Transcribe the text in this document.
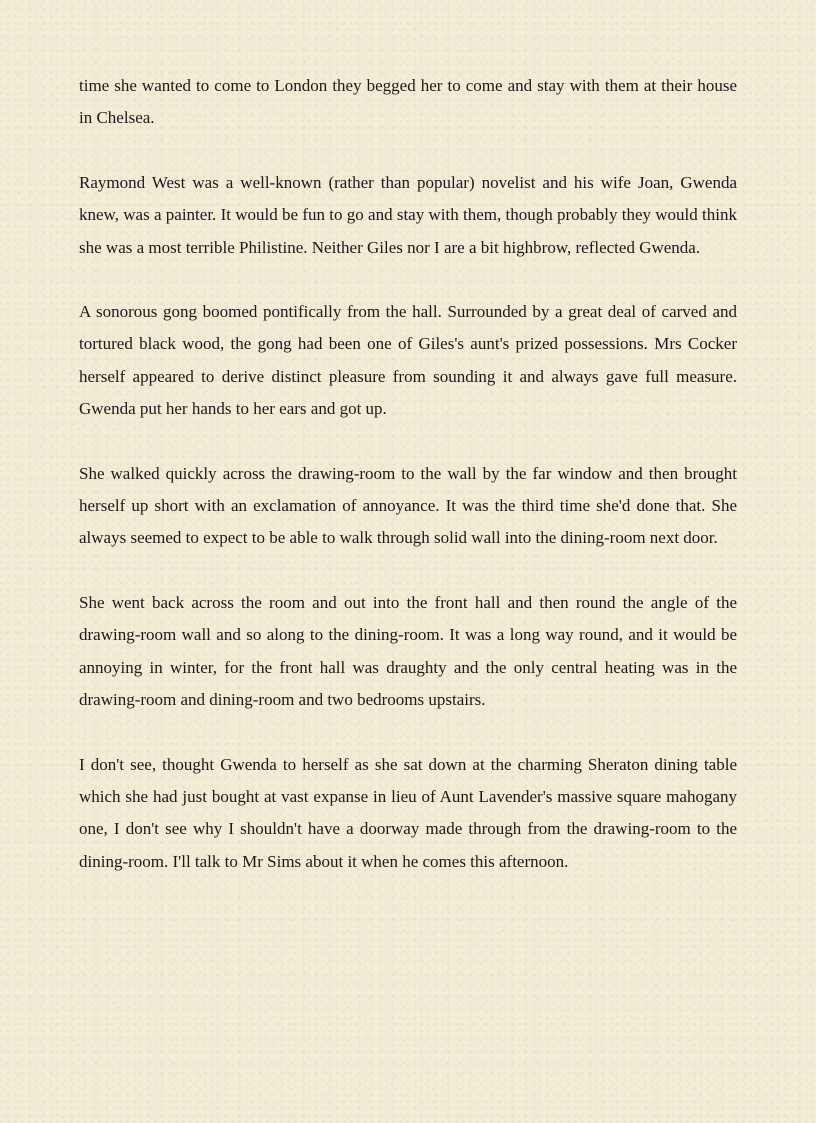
time she wanted to come to London they begged her to come and stay with them at their house in Chelsea.

Raymond West was a well-known (rather than popular) novelist and his wife Joan, Gwenda knew, was a painter. It would be fun to go and stay with them, though probably they would think she was a most terrible Philistine. Neither Giles nor I are a bit highbrow, reflected Gwenda.

A sonorous gong boomed pontifically from the hall. Surrounded by a great deal of carved and tortured black wood, the gong had been one of Giles's aunt's prized possessions. Mrs Cocker herself appeared to derive distinct pleasure from sounding it and always gave full measure. Gwenda put her hands to her ears and got up.

She walked quickly across the drawing-room to the wall by the far window and then brought herself up short with an exclamation of annoyance. It was the third time she'd done that. She always seemed to expect to be able to walk through solid wall into the dining-room next door.

She went back across the room and out into the front hall and then round the angle of the drawing-room wall and so along to the dining-room. It was a long way round, and it would be annoying in winter, for the front hall was draughty and the only central heating was in the drawing-room and dining-room and two bedrooms upstairs.

I don't see, thought Gwenda to herself as she sat down at the charming Sheraton dining table which she had just bought at vast expanse in lieu of Aunt Lavender's massive square mahogany one, I don't see why I shouldn't have a doorway made through from the drawing-room to the dining-room. I'll talk to Mr Sims about it when he comes this afternoon.
